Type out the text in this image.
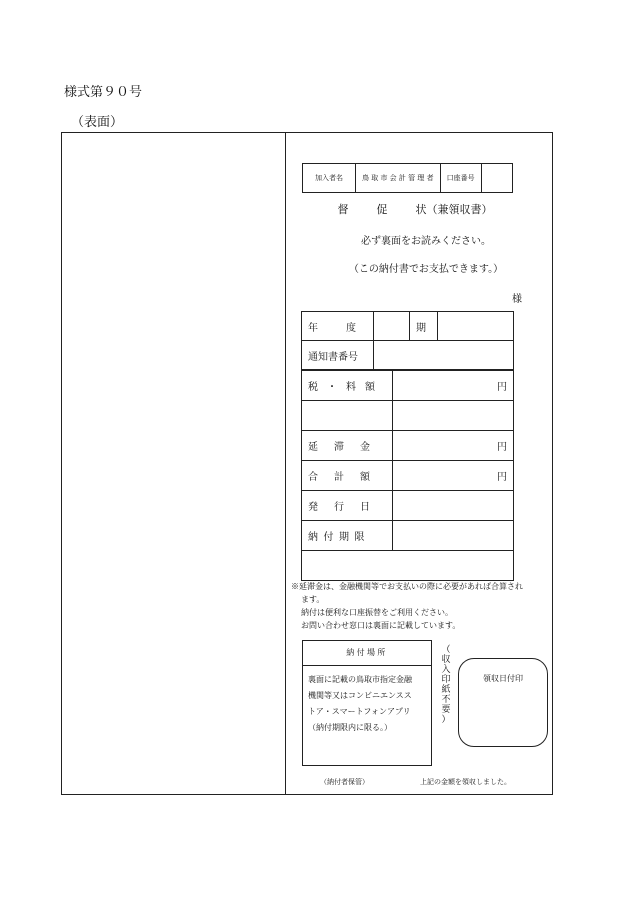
様式第９０号
（表面）
加入者名	鳥 取 市 会 計 管 理 者	口座番号	
督	促	状（兼領収書）
必ず裏面をお読みください。
（この納付書でお支払できます。）
様
年　度		期	
通知書番号			
税・料額	円

延滞金	円
合計額	円
発行日	
納付期限	

※延滞金は、金融機関等でお支払いの際に必要があれば合算され
ます。
納付は便利な口座振替をご利用ください。
お問い合わせ窓口は裏面に記載しています。
納付場所
裏面に記載の鳥取市指定金融
機関等又はコンビニエンスス
トア・スマートフォンアプリ
（納付期限内に限る。）
（
収
入
印
紙
不
要
）
領収日付印
（納付者保管）	上記の金額を領収しました。
